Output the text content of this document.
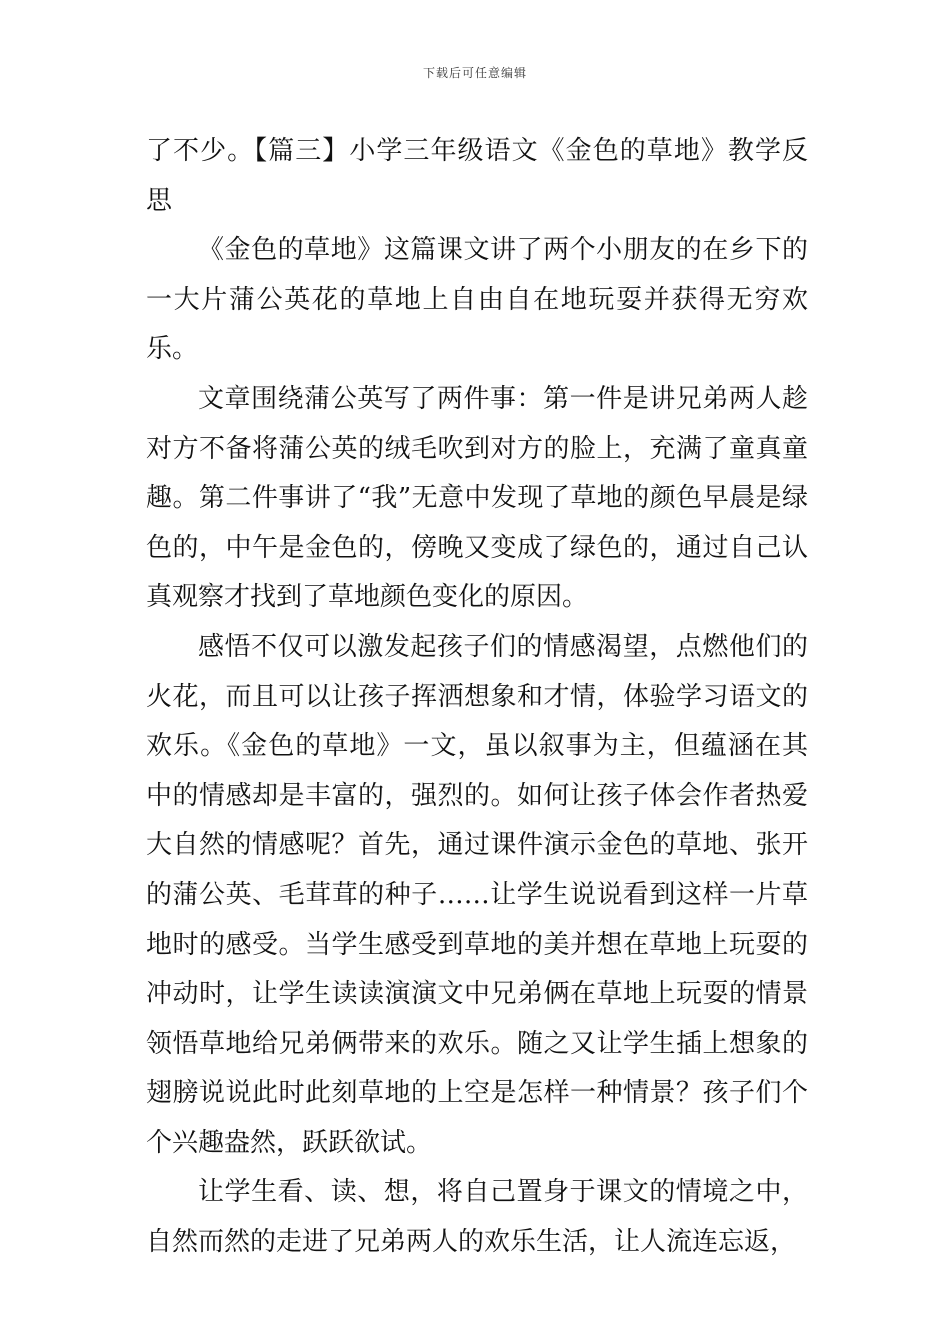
下载后可任意编辑

了不少。【篇三】小学三年级语文《金色的草地》教学反思

《金色的草地》这篇课文讲了两个小朋友的在乡下的一大片蒲公英花的草地上自由自在地玩耍并获得无穷欢乐。

文章围绕蒲公英写了两件事：第一件是讲兄弟两人趁对方不备将蒲公英的绒毛吹到对方的脸上，充满了童真童趣。第二件事讲了“我”无意中发现了草地的颜色早晨是绿色的，中午是金色的，傍晚又变成了绿色的，通过自己认真观察才找到了草地颜色变化的原因。

感悟不仅可以激发起孩子们的情感渴望，点燃他们的火花，而且可以让孩子挥洒想象和才情，体验学习语文的欢乐。《金色的草地》一文，虽以叙事为主，但蕴涵在其中的情感却是丰富的，强烈的。如何让孩子体会作者热爱大自然的情感呢？首先，通过课件演示金色的草地、张开的蒲公英、毛茸茸的种子……让学生说说看到这样一片草地时的感受。当学生感受到草地的美并想在草地上玩耍的冲动时，让学生读读演演文中兄弟俩在草地上玩耍的情景领悟草地给兄弟俩带来的欢乐。随之又让学生插上想象的翅膀说说此时此刻草地的上空是怎样一种情景？孩子们个个兴趣盎然，跃跃欲试。

让学生看、读、想，将自己置身于课文的情境之中，自然而然的走进了兄弟两人的欢乐生活，让人流连忘返，
